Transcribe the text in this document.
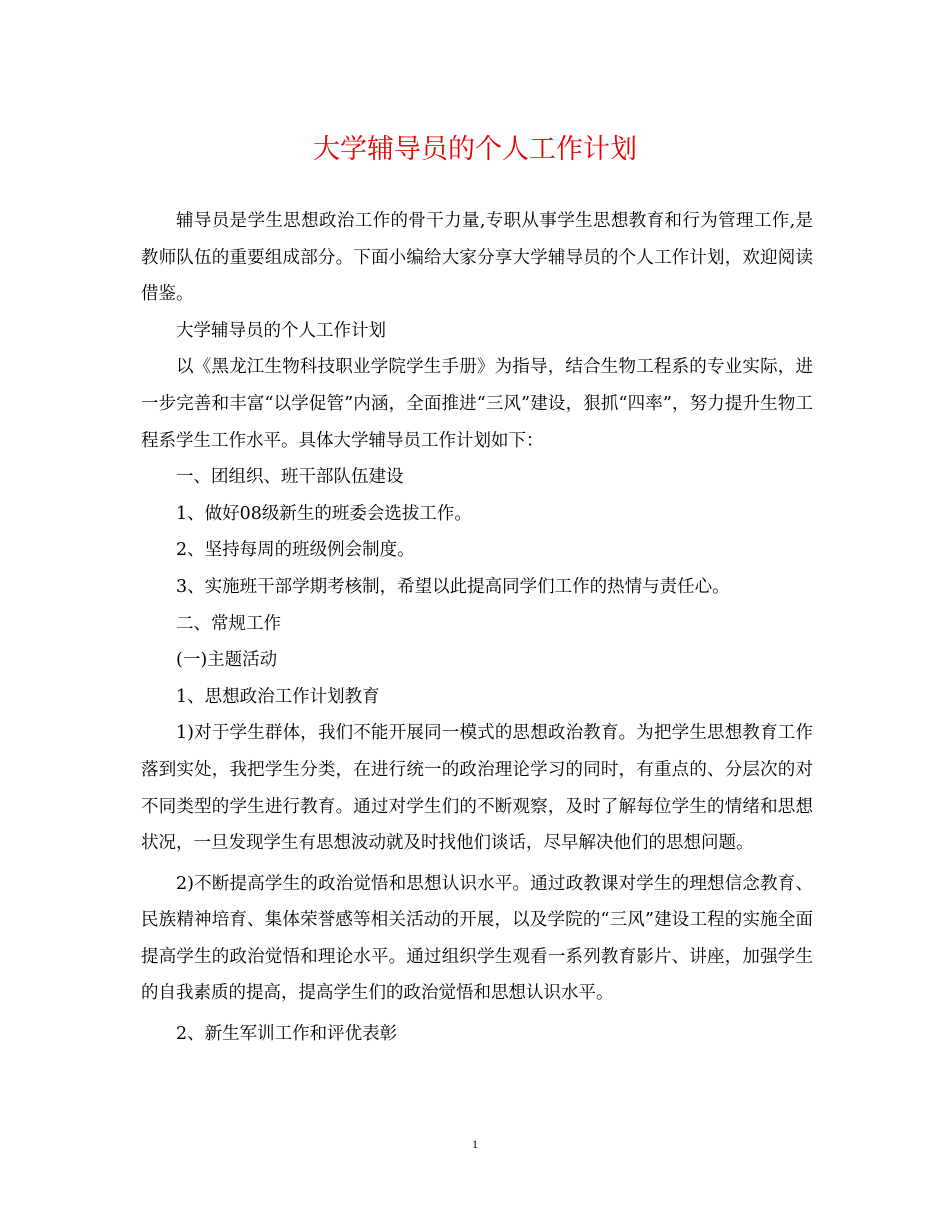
大学辅导员的个人工作计划

辅导员是学生思想政治工作的骨干力量,专职从事学生思想教育和行为管理工作,是教师队伍的重要组成部分。下面小编给大家分享大学辅导员的个人工作计划，欢迎阅读借鉴。

大学辅导员的个人工作计划

以《黑龙江生物科技职业学院学生手册》为指导，结合生物工程系的专业实际，进一步完善和丰富“以学促管”内涵，全面推进“三风”建设，狠抓“四率”，努力提升生物工程系学生工作水平。具体大学辅导员工作计划如下：

一、团组织、班干部队伍建设

1、做好08级新生的班委会选拔工作。

2、坚持每周的班级例会制度。

3、实施班干部学期考核制，希望以此提高同学们工作的热情与责任心。

二、常规工作

(一)主题活动

1、思想政治工作计划教育

1)对于学生群体，我们不能开展同一模式的思想政治教育。为把学生思想教育工作落到实处，我把学生分类，在进行统一的政治理论学习的同时，有重点的、分层次的对不同类型的学生进行教育。通过对学生们的不断观察，及时了解每位学生的情绪和思想状况，一旦发现学生有思想波动就及时找他们谈话，尽早解决他们的思想问题。

2)不断提高学生的政治觉悟和思想认识水平。通过政教课对学生的理想信念教育、民族精神培育、集体荣誉感等相关活动的开展，以及学院的“三风”建设工程的实施全面提高学生的政治觉悟和理论水平。通过组织学生观看一系列教育影片、讲座，加强学生的自我素质的提高，提高学生们的政治觉悟和思想认识水平。

2、新生军训工作和评优表彰

1
